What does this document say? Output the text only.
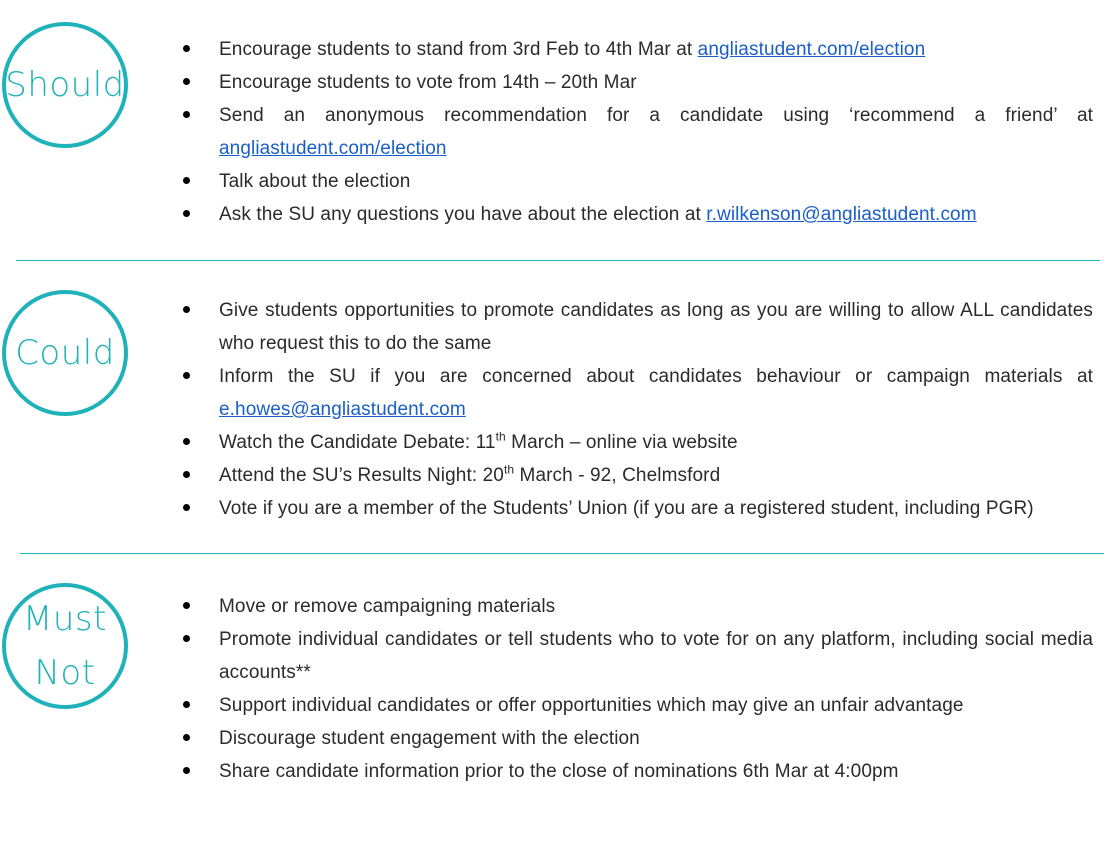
Should
Encourage students to stand from 3rd Feb to 4th Mar at angliastudent.com/election
Encourage students to vote from 14th – 20th Mar
Send an anonymous recommendation for a candidate using ‘recommend a friend’ at angliastudent.com/election
Talk about the election
Ask the SU any questions you have about the election at r.wilkenson@angliastudent.com
Could
Give students opportunities to promote candidates as long as you are willing to allow ALL candidates who request this to do the same
Inform the SU if you are concerned about candidates behaviour or campaign materials at e.howes@angliastudent.com
Watch the Candidate Debate: 11th March – online via website
Attend the SU’s Results Night: 20th March - 92, Chelmsford
Vote if you are a member of the Students’ Union (if you are a registered student, including PGR)
Must
Not
Move or remove campaigning materials
Promote individual candidates or tell students who to vote for on any platform, including social media accounts**
Support individual candidates or offer opportunities which may give an unfair advantage
Discourage student engagement with the election
Share candidate information prior to the close of nominations 6th Mar at 4:00pm
